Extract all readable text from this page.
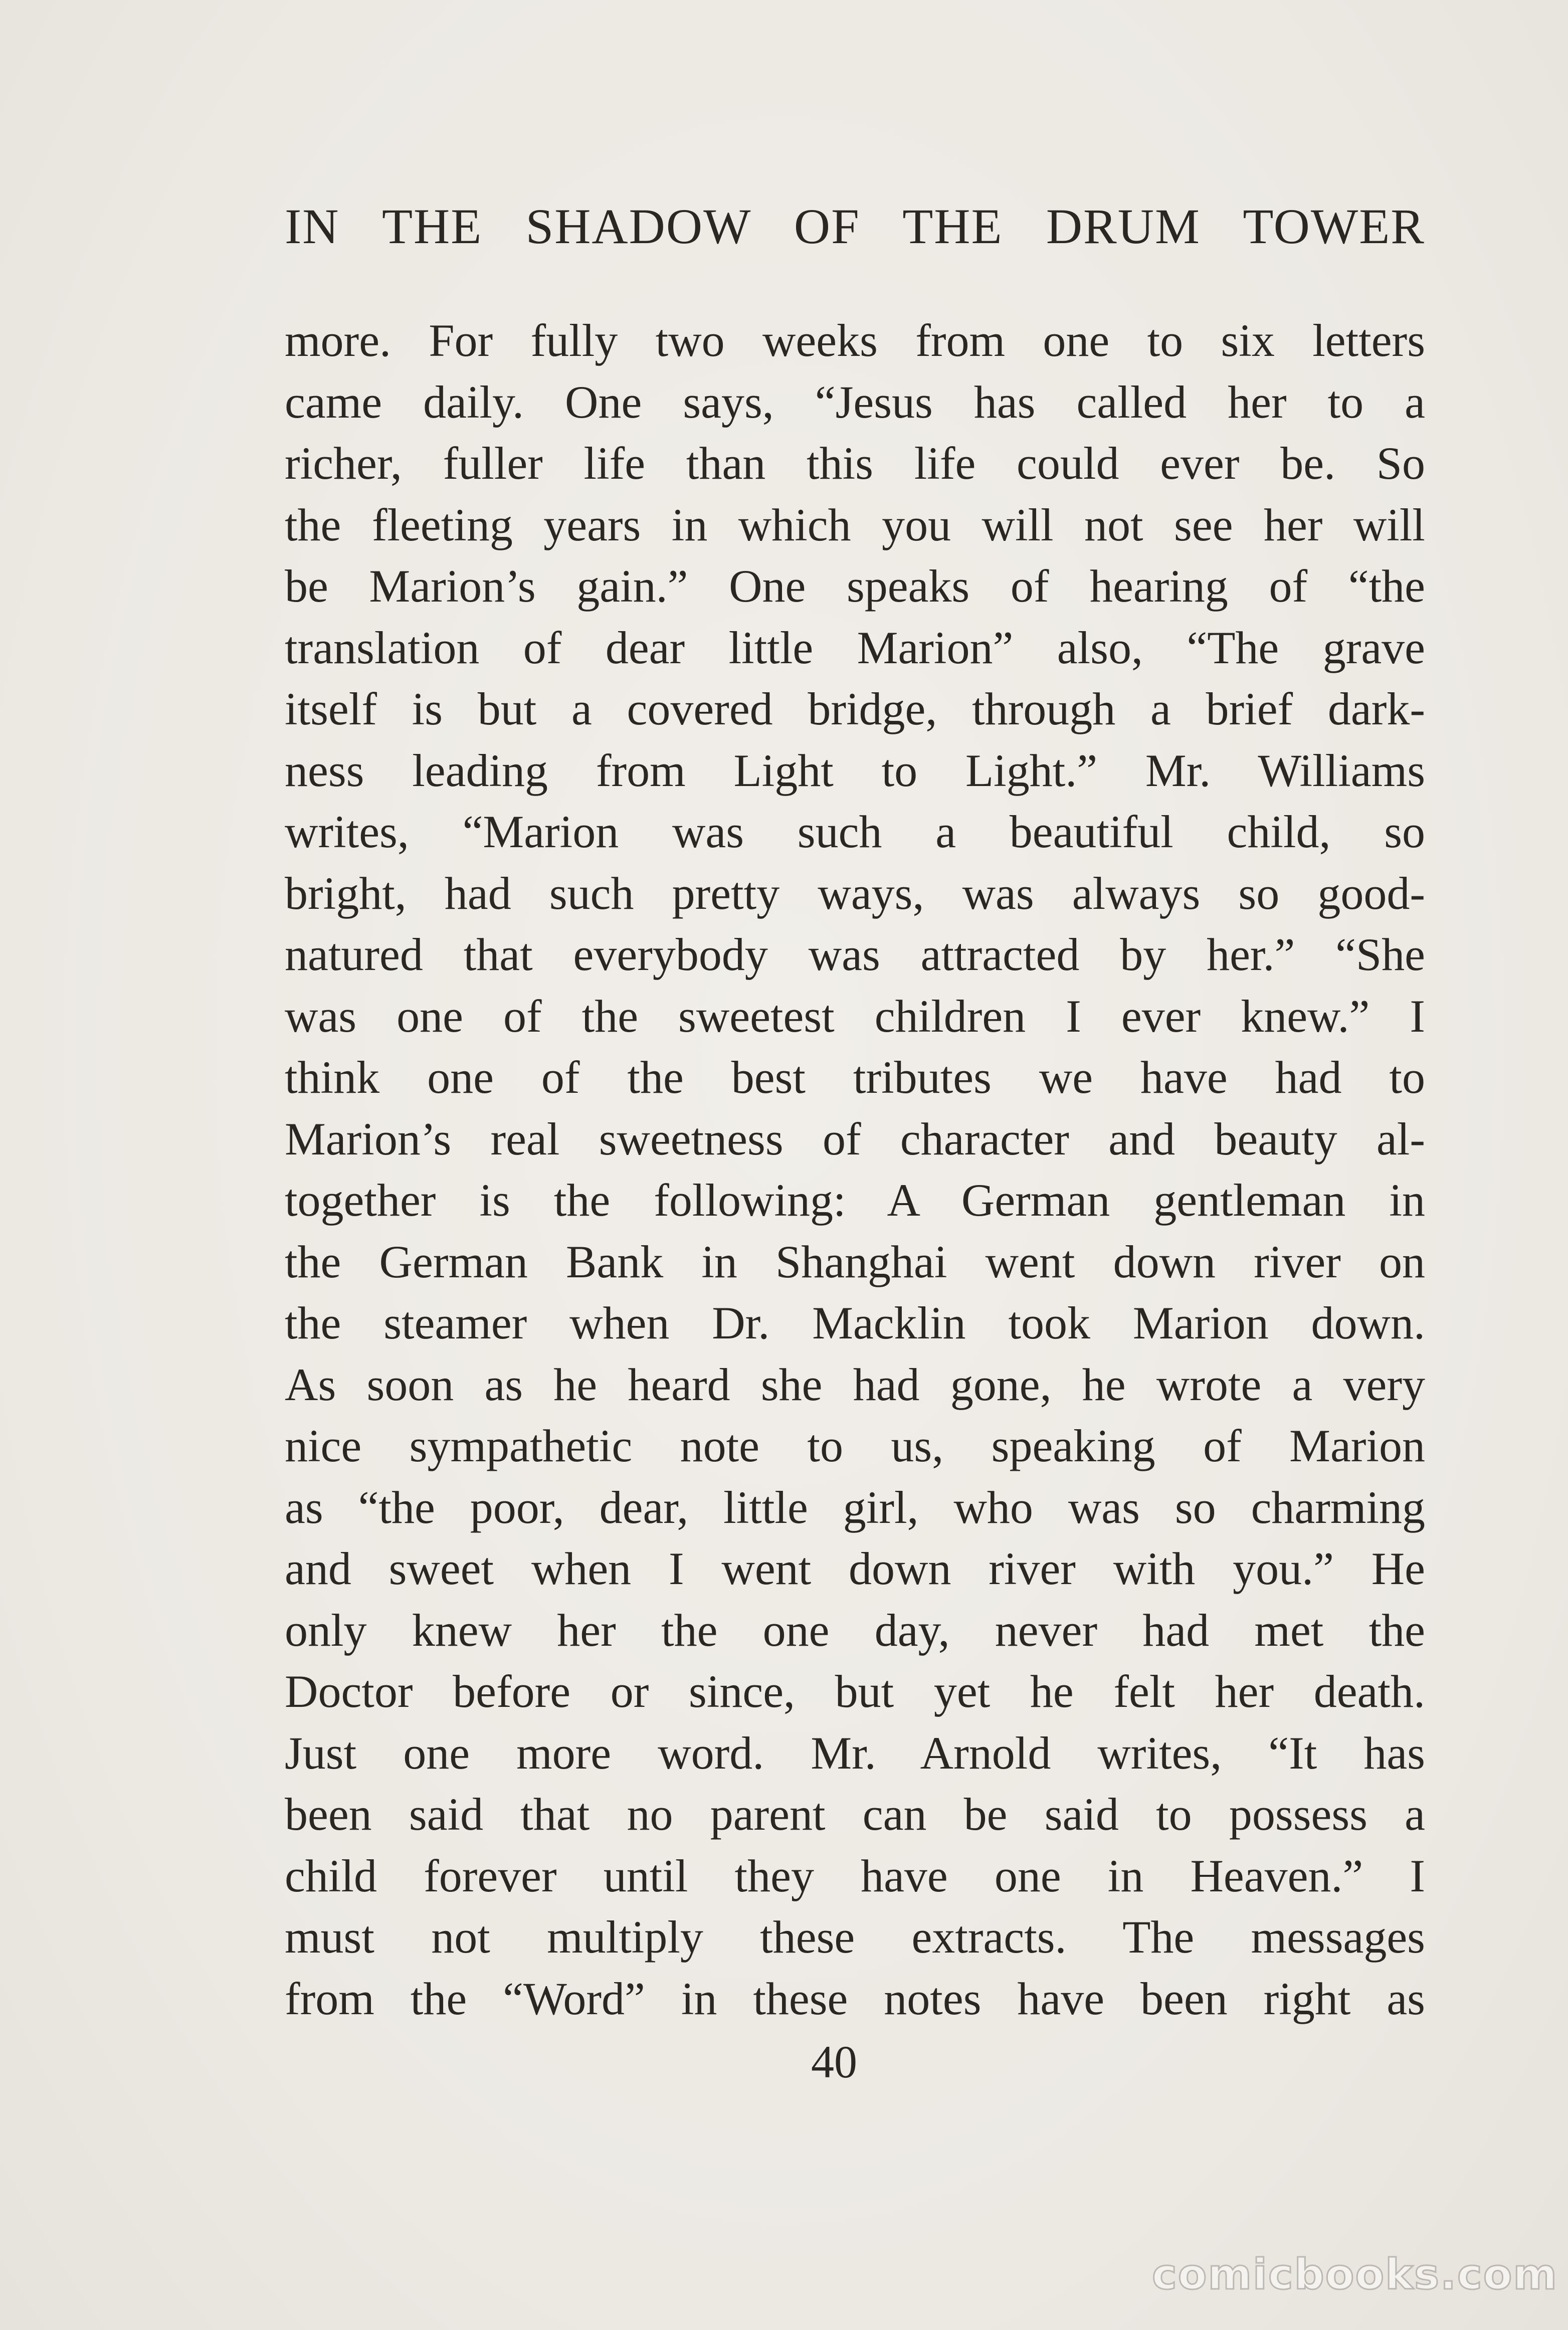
IN THE SHADOW OF THE DRUM TOWER
more. For fully two weeks from one to six letters
came daily. One says, “Jesus has called her to a
richer, fuller life than this life could ever be. So
the fleeting years in which you will not see her will
be Marion’s gain.” One speaks of hearing of “the
translation of dear little Marion” also, “The grave
itself is but a covered bridge, through a brief dark-
ness leading from Light to Light.” Mr. Williams
writes, “Marion was such a beautiful child, so
bright, had such pretty ways, was always so good-
natured that everybody was attracted by her.” “She
was one of the sweetest children I ever knew.” I
think one of the best tributes we have had to
Marion’s real sweetness of character and beauty al-
together is the following: A German gentleman in
the German Bank in Shanghai went down river on
the steamer when Dr. Macklin took Marion down.
As soon as he heard she had gone, he wrote a very
nice sympathetic note to us, speaking of Marion
as “the poor, dear, little girl, who was so charming
and sweet when I went down river with you.” He
only knew her the one day, never had met the
Doctor before or since, but yet he felt her death.
Just one more word. Mr. Arnold writes, “It has
been said that no parent can be said to possess a
child forever until they have one in Heaven.” I
must not multiply these extracts. The messages
from the “Word” in these notes have been right as
40
comicbooks.com
